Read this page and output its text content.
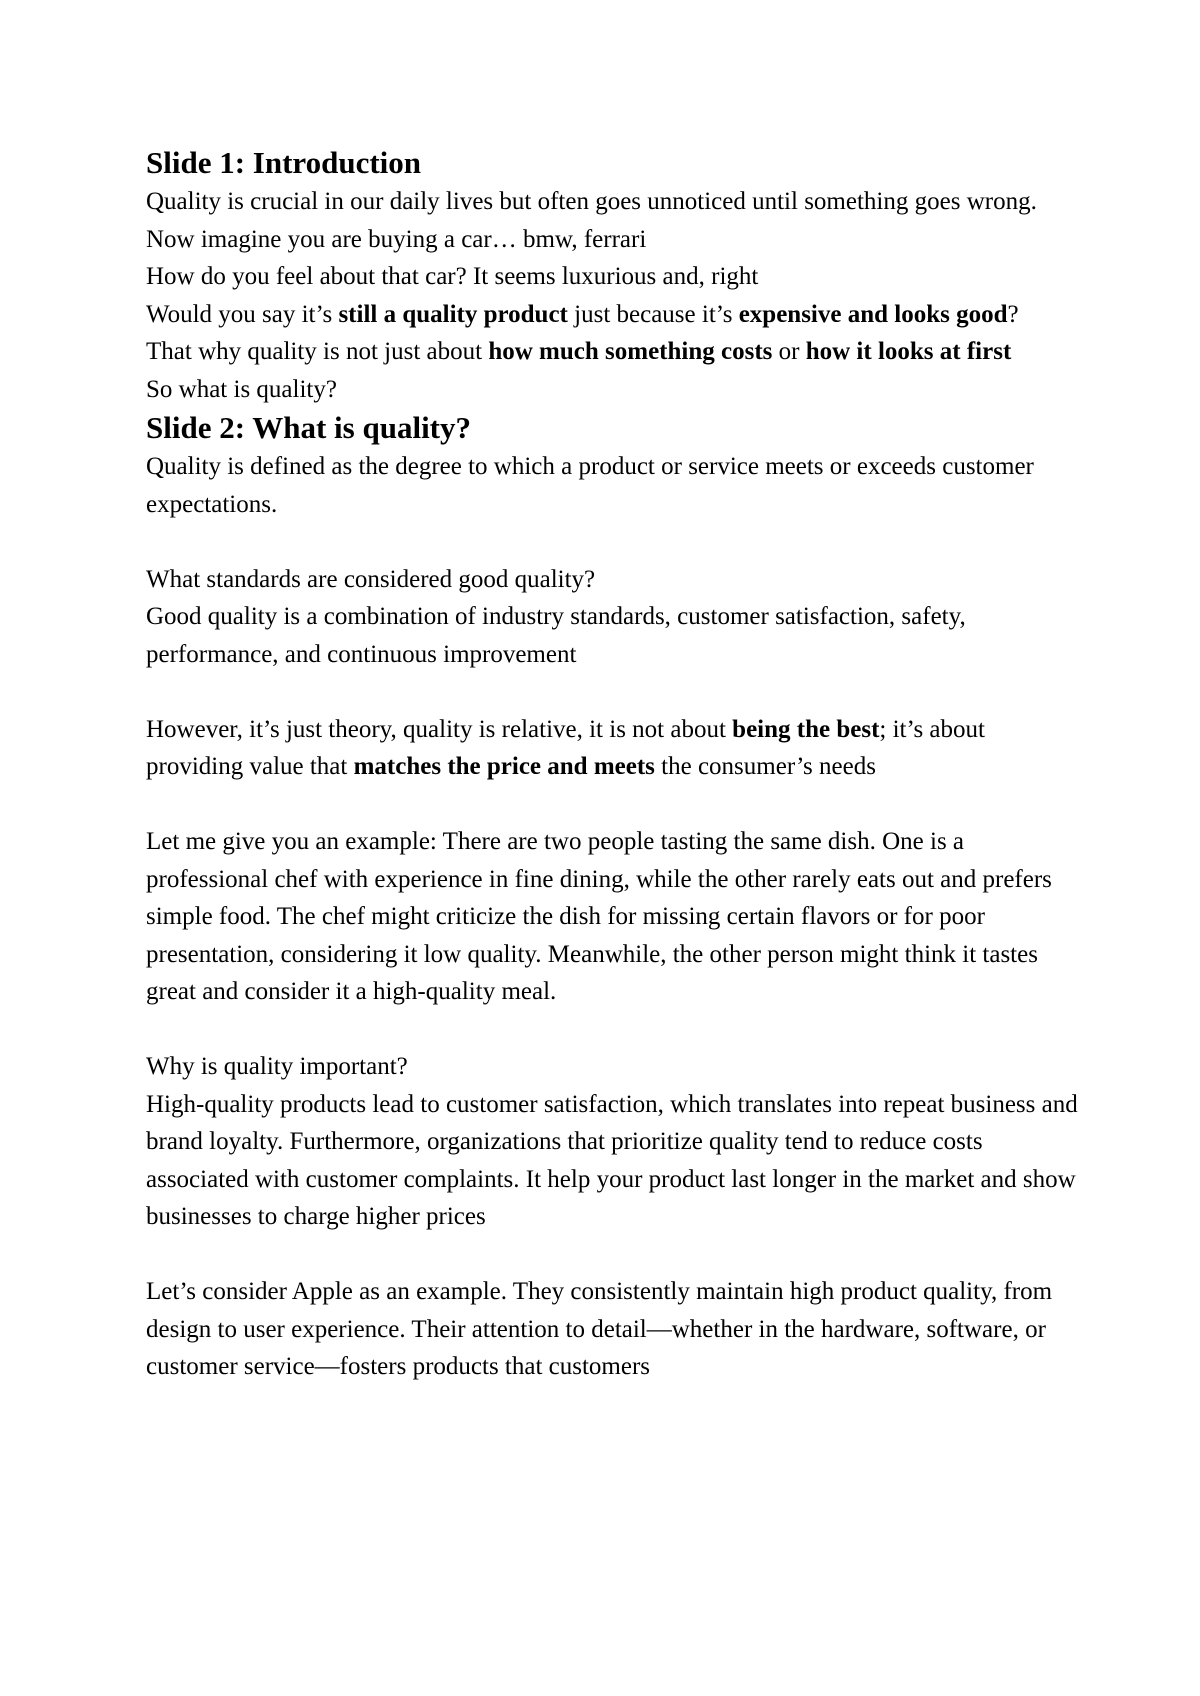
Slide 1: Introduction

Quality is crucial in our daily lives but often goes unnoticed until something goes wrong.

Now imagine you are buying a car… bmw, ferrari

How do you feel about that car? It seems luxurious and, right

Would you say it’s still a quality product just because it’s expensive and looks good?

That why quality is not just about how much something costs or how it looks at first

So what is quality?

Slide 2: What is quality?

Quality is defined as the degree to which a product or service meets or exceeds customer expectations.

What standards are considered good quality?

Good quality is a combination of industry standards, customer satisfaction, safety, performance, and continuous improvement

However, it’s just theory, quality is relative, it is not about being the best; it’s about providing value that matches the price and meets the consumer’s needs

Let me give you an example: There are two people tasting the same dish. One is a professional chef with experience in fine dining, while the other rarely eats out and prefers simple food. The chef might criticize the dish for missing certain flavors or for poor presentation, considering it low quality. Meanwhile, the other person might think it tastes great and consider it a high-quality meal.

Why is quality important?

High-quality products lead to customer satisfaction, which translates into repeat business and brand loyalty. Furthermore, organizations that prioritize quality tend to reduce costs associated with customer complaints. It help your product last longer in the market and show businesses to charge higher prices

Let’s consider Apple as an example. They consistently maintain high product quality, from design to user experience. Their attention to detail—whether in the hardware, software, or customer service—fosters products that customers
